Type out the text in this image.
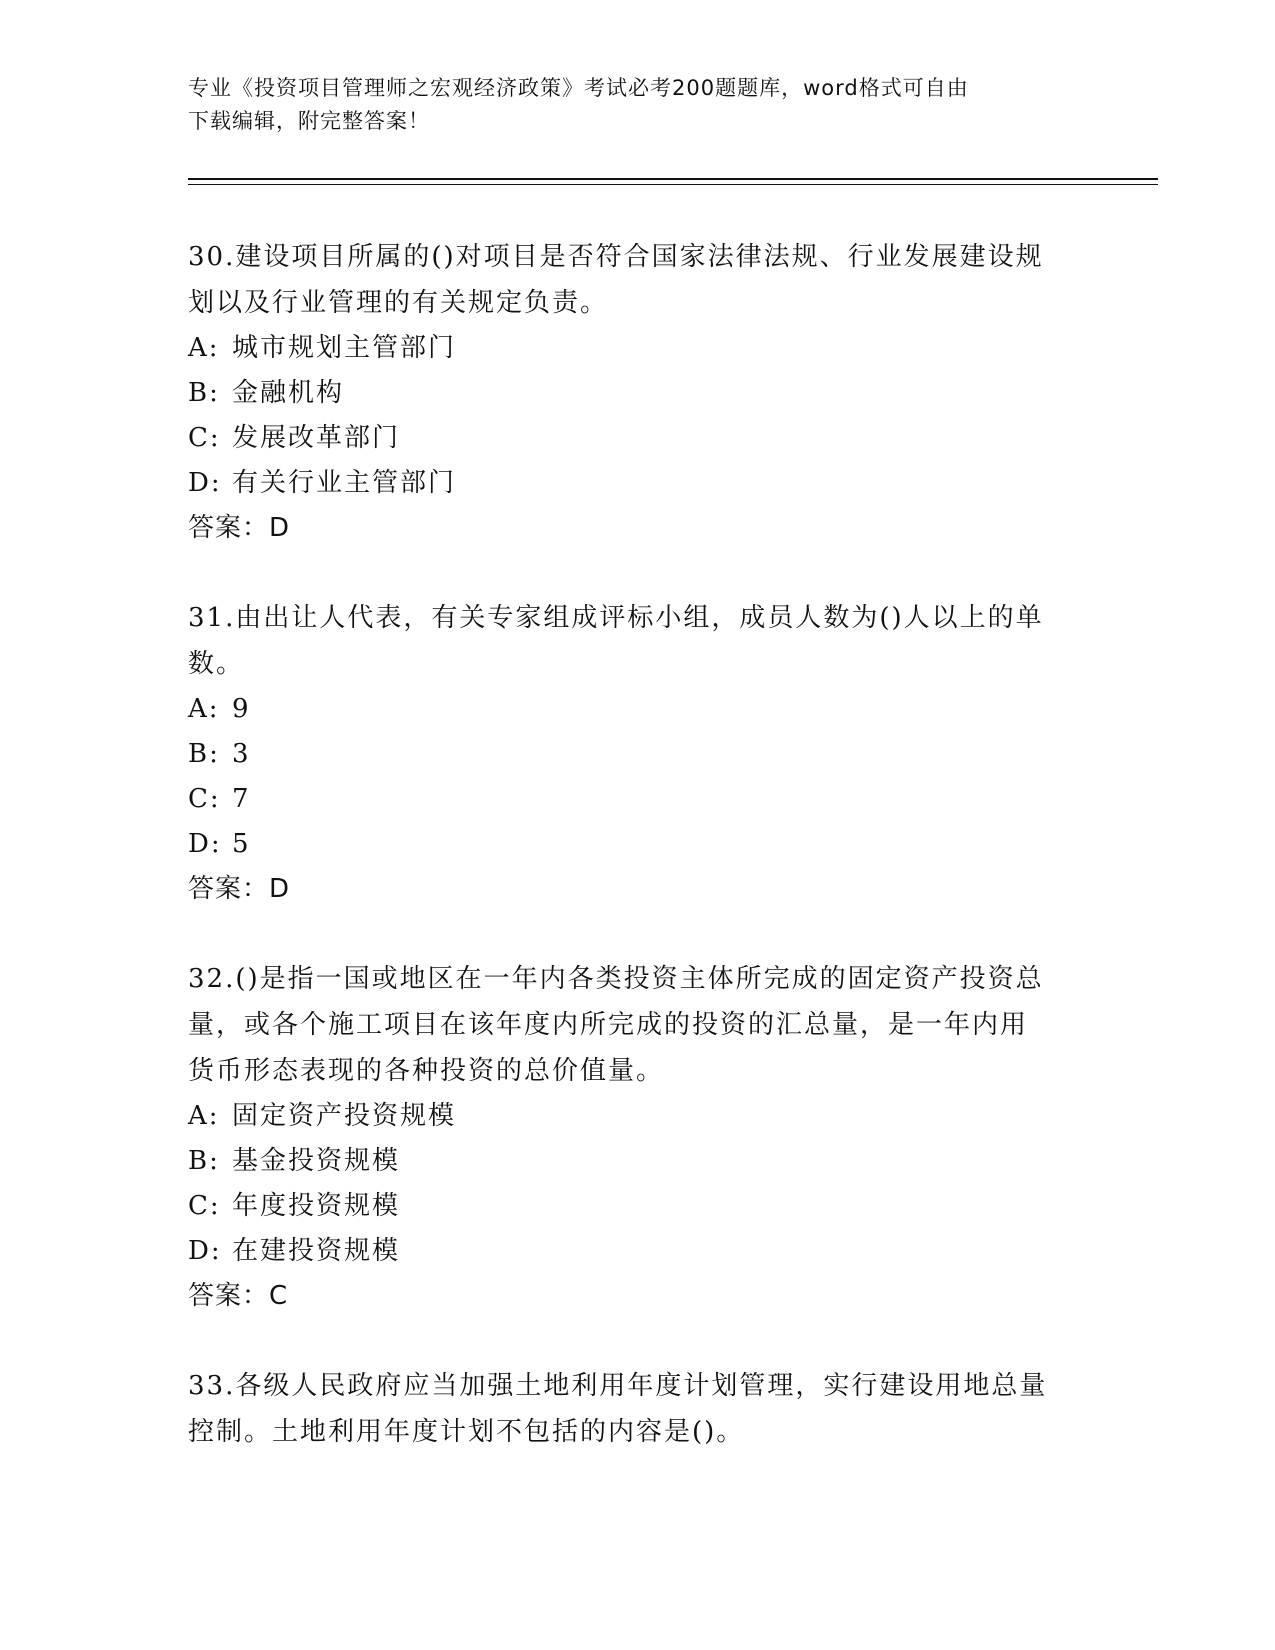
专业《投资项目管理师之宏观经济政策》考试必考200题题库，word格式可自由
下载编辑，附完整答案！

30.建设项目所属的()对项目是否符合国家法律法规、行业发展建设规

划以及行业管理的有关规定负责。

A: 城市规划主管部门
B: 金融机构
C: 发展改革部门
D: 有关行业主管部门

答案：D

31.由出让人代表，有关专家组成评标小组，成员人数为()人以上的单

数。

A: 9
B: 3
C: 7
D: 5

答案：D

32.()是指一国或地区在一年内各类投资主体所完成的固定资产投资总

量，或各个施工项目在该年度内所完成的投资的汇总量，是一年内用

货币形态表现的各种投资的总价值量。

A: 固定资产投资规模
B: 基金投资规模
C: 年度投资规模
D: 在建投资规模

答案：C

33.各级人民政府应当加强土地利用年度计划管理，实行建设用地总量

控制。土地利用年度计划不包括的内容是()。
